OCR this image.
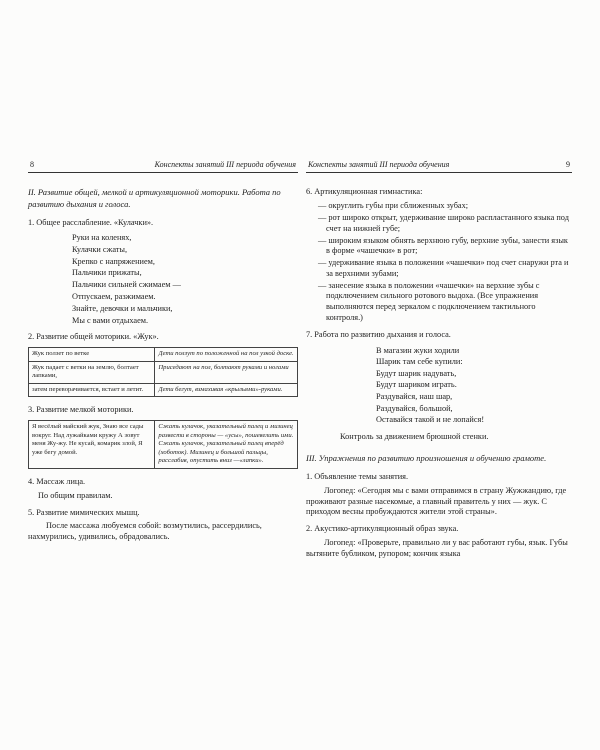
8	Конспекты занятий III периода обучения
II. Развитие общей, мелкой и артикуляционной моторики. Работа по развитию дыхания и голоса.
1. Общее расслабление. «Кулачки».
Руки на коленях,
Кулачки сжаты,
Крепко с напряжением,
Пальчики прижаты,
Пальчики сильней сжимаем —
Отпускаем, разжимаем.
Знайте, девочки и мальчики,
Мы с вами отдыхаем.
2. Развитие общей моторики. «Жук».
Жук ползет по ветке	Дети ползут по положенной на пол узкой доске.
Жук падает с ветки на землю, болтает лапками,	Приседают на пол, болтают руками и ногами
затем переворачивается, встает и летит.	Дети бегут, взмахивая «крыльями»-руками.
3. Развитие мелкой моторики.
Я весёлый майский жук, Знаю все сады вокруг. Над лужайками кружу А зовут меня Жу-жу. Не кусай, комарик злой, Я уже бегу домой.	Сжать кулачок, указательный палец и мизинец развести в стороны — «усы», пошевелить ими. Сжать кулачок, указательный палец вперёд (хоботок). Мизинец и большой пальцы, расслабив, опустить вниз —«лапки».
4. Массаж лица.
По общим правилам.
5. Развитие мимических мышц.
После массажа любуемся собой: возмутились, рассердились, нахмурились, удивились, обрадовались.
Конспекты занятий III периода обучения	9
6. Артикуляционная гимнастика:
— округлить губы при сближенных зубах;
— рот широко открыт, удерживание широко распластанного языка под счет на нижней губе;
— широким языком обнять верхнюю губу, верхние зубы, занести язык в форме «чашечки» в рот;
— удерживание языка в положении «чашечки» под счет снаружи рта и за верхними зубами;
— занесение языка в положении «чашечки» на верхние зубы с подключением сильного ротового выдоха. (Все упражнения выполняются перед зеркалом с подключением тактильного контроля.)
7. Работа по развитию дыхания и голоса.
В магазин жуки ходили
Шарик там себе купили:
Будут шарик надувать,
Будут шариком играть.
Раздувайся, наш шар,
Раздувайся, большой,
Оставайся такой и не лопайся!
Контроль за движением брюшной стенки.
III. Упражнения по развитию произношения и обучению грамоте.
1. Объявление темы занятия.
Логопед: «Сегодня мы с вами отправимся в страну Жужжандию, где проживают разные насекомые, а главный правитель у них — жук. С приходом весны пробуждаются жители этой страны».
2. Акустико-артикуляционный образ звука.
Логопед: «Проверьте, правильно ли у вас работают губы, язык. Губы вытяните бубликом, рупором; кончик языка
